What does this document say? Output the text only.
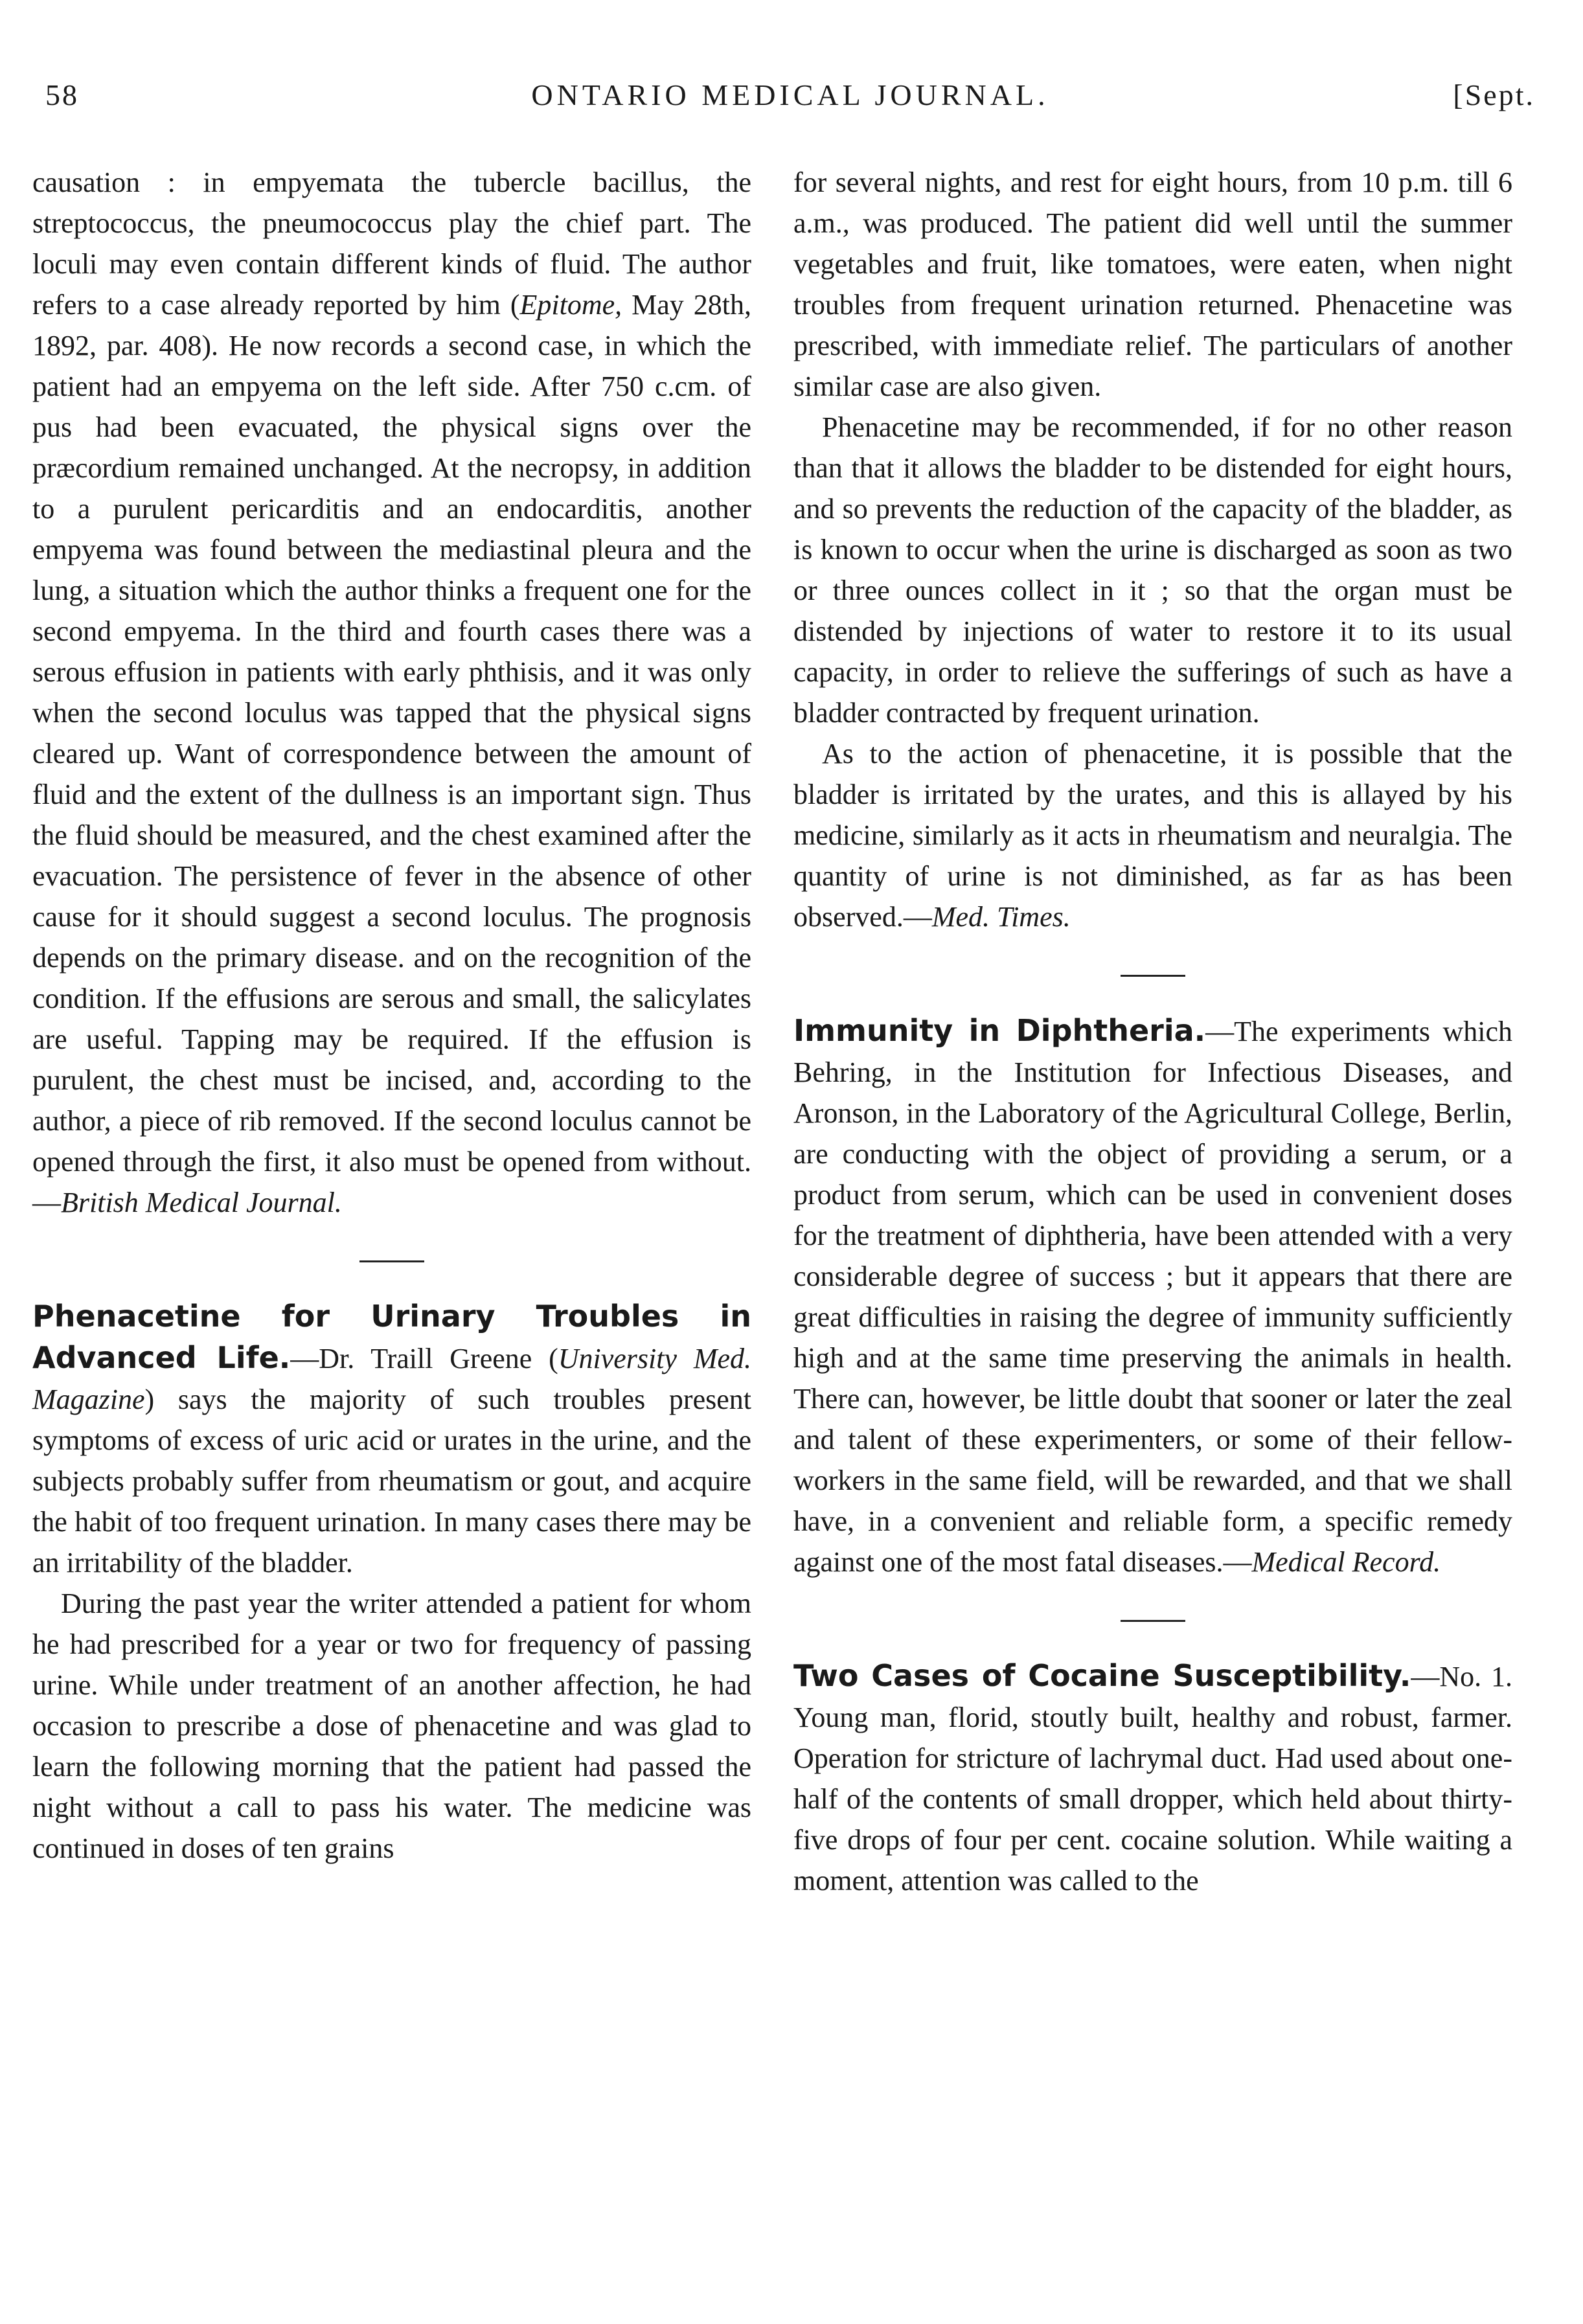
58	ONTARIO MEDICAL JOURNAL.	[Sept.

causation : in empyemata the tubercle bacillus, the streptococcus, the pneumococcus play the chief part. The loculi may even contain different kinds of fluid. The author refers to a case already reported by him (Epitome, May 28th, 1892, par. 408). He now records a second case, in which the patient had an empyema on the left side. After 750 c.cm. of pus had been evacuated, the physical signs over the præcordium remained unchanged. At the necropsy, in addition to a purulent pericarditis and an endocarditis, another empyema was found between the mediastinal pleura and the lung, a situation which the author thinks a frequent one for the second empyema. In the third and fourth cases there was a serous effusion in patients with early phthisis, and it was only when the second loculus was tapped that the physical signs cleared up. Want of correspondence between the amount of fluid and the extent of the dullness is an important sign. Thus the fluid should be measured, and the chest examined after the evacuation. The persistence of fever in the absence of other cause for it should suggest a second loculus. The prognosis depends on the primary disease. and on the recognition of the condition. If the effusions are serous and small, the salicylates are useful. Tapping may be required. If the effusion is purulent, the chest must be incised, and, according to the author, a piece of rib removed. If the second loculus cannot be opened through the first, it also must be opened from without.—British Medical Journal.

Phenacetine for Urinary Troubles in Advanced Life.—Dr. Traill Greene (University Med. Magazine) says the majority of such troubles present symptoms of excess of uric acid or urates in the urine, and the subjects probably suffer from rheumatism or gout, and acquire the habit of too frequent urination. In many cases there may be an irritability of the bladder.

During the past year the writer attended a patient for whom he had prescribed for a year or two for frequency of passing urine. While under treatment of an another affection, he had occasion to prescribe a dose of phenacetine and was glad to learn the following morning that the patient had passed the night without a call to pass his water. The medicine was continued in doses of ten grains

for several nights, and rest for eight hours, from 10 p.m. till 6 a.m., was produced. The patient did well until the summer vegetables and fruit, like tomatoes, were eaten, when night troubles from frequent urination returned. Phenacetine was prescribed, with immediate relief. The particulars of another similar case are also given.

Phenacetine may be recommended, if for no other reason than that it allows the bladder to be distended for eight hours, and so prevents the reduction of the capacity of the bladder, as is known to occur when the urine is discharged as soon as two or three ounces collect in it ; so that the organ must be distended by injections of water to restore it to its usual capacity, in order to relieve the sufferings of such as have a bladder contracted by frequent urination.

As to the action of phenacetine, it is possible that the bladder is irritated by the urates, and this is allayed by his medicine, similarly as it acts in rheumatism and neuralgia. The quantity of urine is not diminished, as far as has been observed.—Med. Times.

Immunity in Diphtheria.—The experiments which Behring, in the Institution for Infectious Diseases, and Aronson, in the Laboratory of the Agricultural College, Berlin, are conducting with the object of providing a serum, or a product from serum, which can be used in convenient doses for the treatment of diphtheria, have been attended with a very considerable degree of success ; but it appears that there are great difficulties in raising the degree of immunity sufficiently high and at the same time preserving the animals in health. There can, however, be little doubt that sooner or later the zeal and talent of these experimenters, or some of their fellow-workers in the same field, will be rewarded, and that we shall have, in a convenient and reliable form, a specific remedy against one of the most fatal diseases.—Medical Record.

Two Cases of Cocaine Susceptibility.—No. 1. Young man, florid, stoutly built, healthy and robust, farmer. Operation for stricture of lachrymal duct. Had used about one-half of the contents of small dropper, which held about thirty-five drops of four per cent. cocaine solution. While waiting a moment, attention was called to the
